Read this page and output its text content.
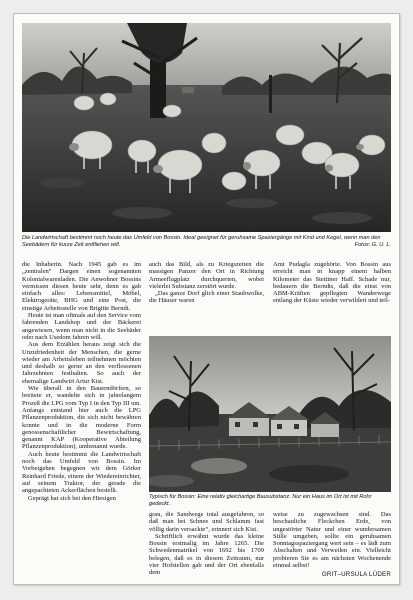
Die Landwirtschaft bestimmt noch heute das Umfeld von Bossin. Ideal geeignet für geruhsame Spaziergänge mit Kind und Kegel, wenn man den Seebädern für kurze Zeit entfliehen will.	Fotos: G. U. L.

die Inhaberin. Nach 1945 gab es im „zentralen“ Dargen einen sogenannten Kolonialwarenladen. Die Anwohner Bossins vermissen diesen heute sehr, denn es gab einfach alles: Lebensmittel, Möbel, Elektrogeräte, BHG und eine Post, die einstige Arbeitsstelle von Brigitte Berndt.

Heute ist man oftmals auf den Service vom fahrenden Landshop und der Bäckerei angewiesen, wenn man nicht in die Seebäder oder nach Usedom fahren will.

Aus dem Erzählen heraus zeigt sich die Unzufriedenheit der Menschen, die gerne wieder am Arbeitsleben teilnehmen möchten und deshalb so gerne an den verflossenen Jahrzehnten festhalten. So auch der ehemalige Landwirt Artur Kist.

Wie überall in den Bauerndörfern, so breitete er, wandelte sich in jahrelangem Prozeß die LPG vom Typ I in den Typ III um. Anfangs entstand hier auch die LPG Pflanzenproduktion, die sich nicht bewähren konnte und in die moderne Form genossenschaftlicher Bewirtschaftung, genannt KAP (Kooperative Abteilung Pflanzenproduktion), umbenannt wurde.

Auch heute bestimmt die Landwirtschaft noch das Umfeld von Bossin. Im Vorbeigehen begegnen wir dem Görker Reinhard Friede, einem der Wiedereinrichter, auf seinem Traktor, der gerade die angepachteten Ackerflächen bestellt.

Geprägt hat sich bei den Hiesigen

auch das Bild, als zu Kriegszeiten die massigen Panzer den Ort in Richtung Armeeflugplatz durchquerten, wobei vielerlei Substanz zerstört wurde.

„Das ganze Dorf glich einer Staubwolke, die Häuser waren

Amt Pudagla zugehörte. Von Bossin aus erreicht man in knapp einem halben Kilometer das Stettiner Haff. Schade nur, bedauern die Berndts, daß die einst von ABM-Kräften gepflegten Wanderwege entlang der Küste wieder verwildert und teil-

Typisch für Bossin: Eine relativ gleichartige Bausubstanz. Nur ein Haus im Ort ist mit Rohr gedeckt.

grau, die Sandwege total ausgefahren, so daß man bei Schnee und Schlamm fast völlig darin versackte“, erinnert sich Kist.

Schriftlich erwähnt wurde das kleine Bossin erstmalig im Jahre 1265. Die Schwedenmatrikel von 1692 bis 1709 belegen, daß es in diesem Zeitraum, nur vier Hofstellen gab und der Ort ebenfalls dem

weise zu zugewachsen sind. Das beschauliche Fleckchen Erde, von ungestörter Natur und einer wundersamen Stille umgeben, sollte ein geruhsamen Sonntagsspaziergang wert sein – es lädt zum Abschalten und Verweilen ein. Vielleicht probieren Sie es am nächsten Wochenende einmal selbst!

GRIT–URSULA LÜDER
